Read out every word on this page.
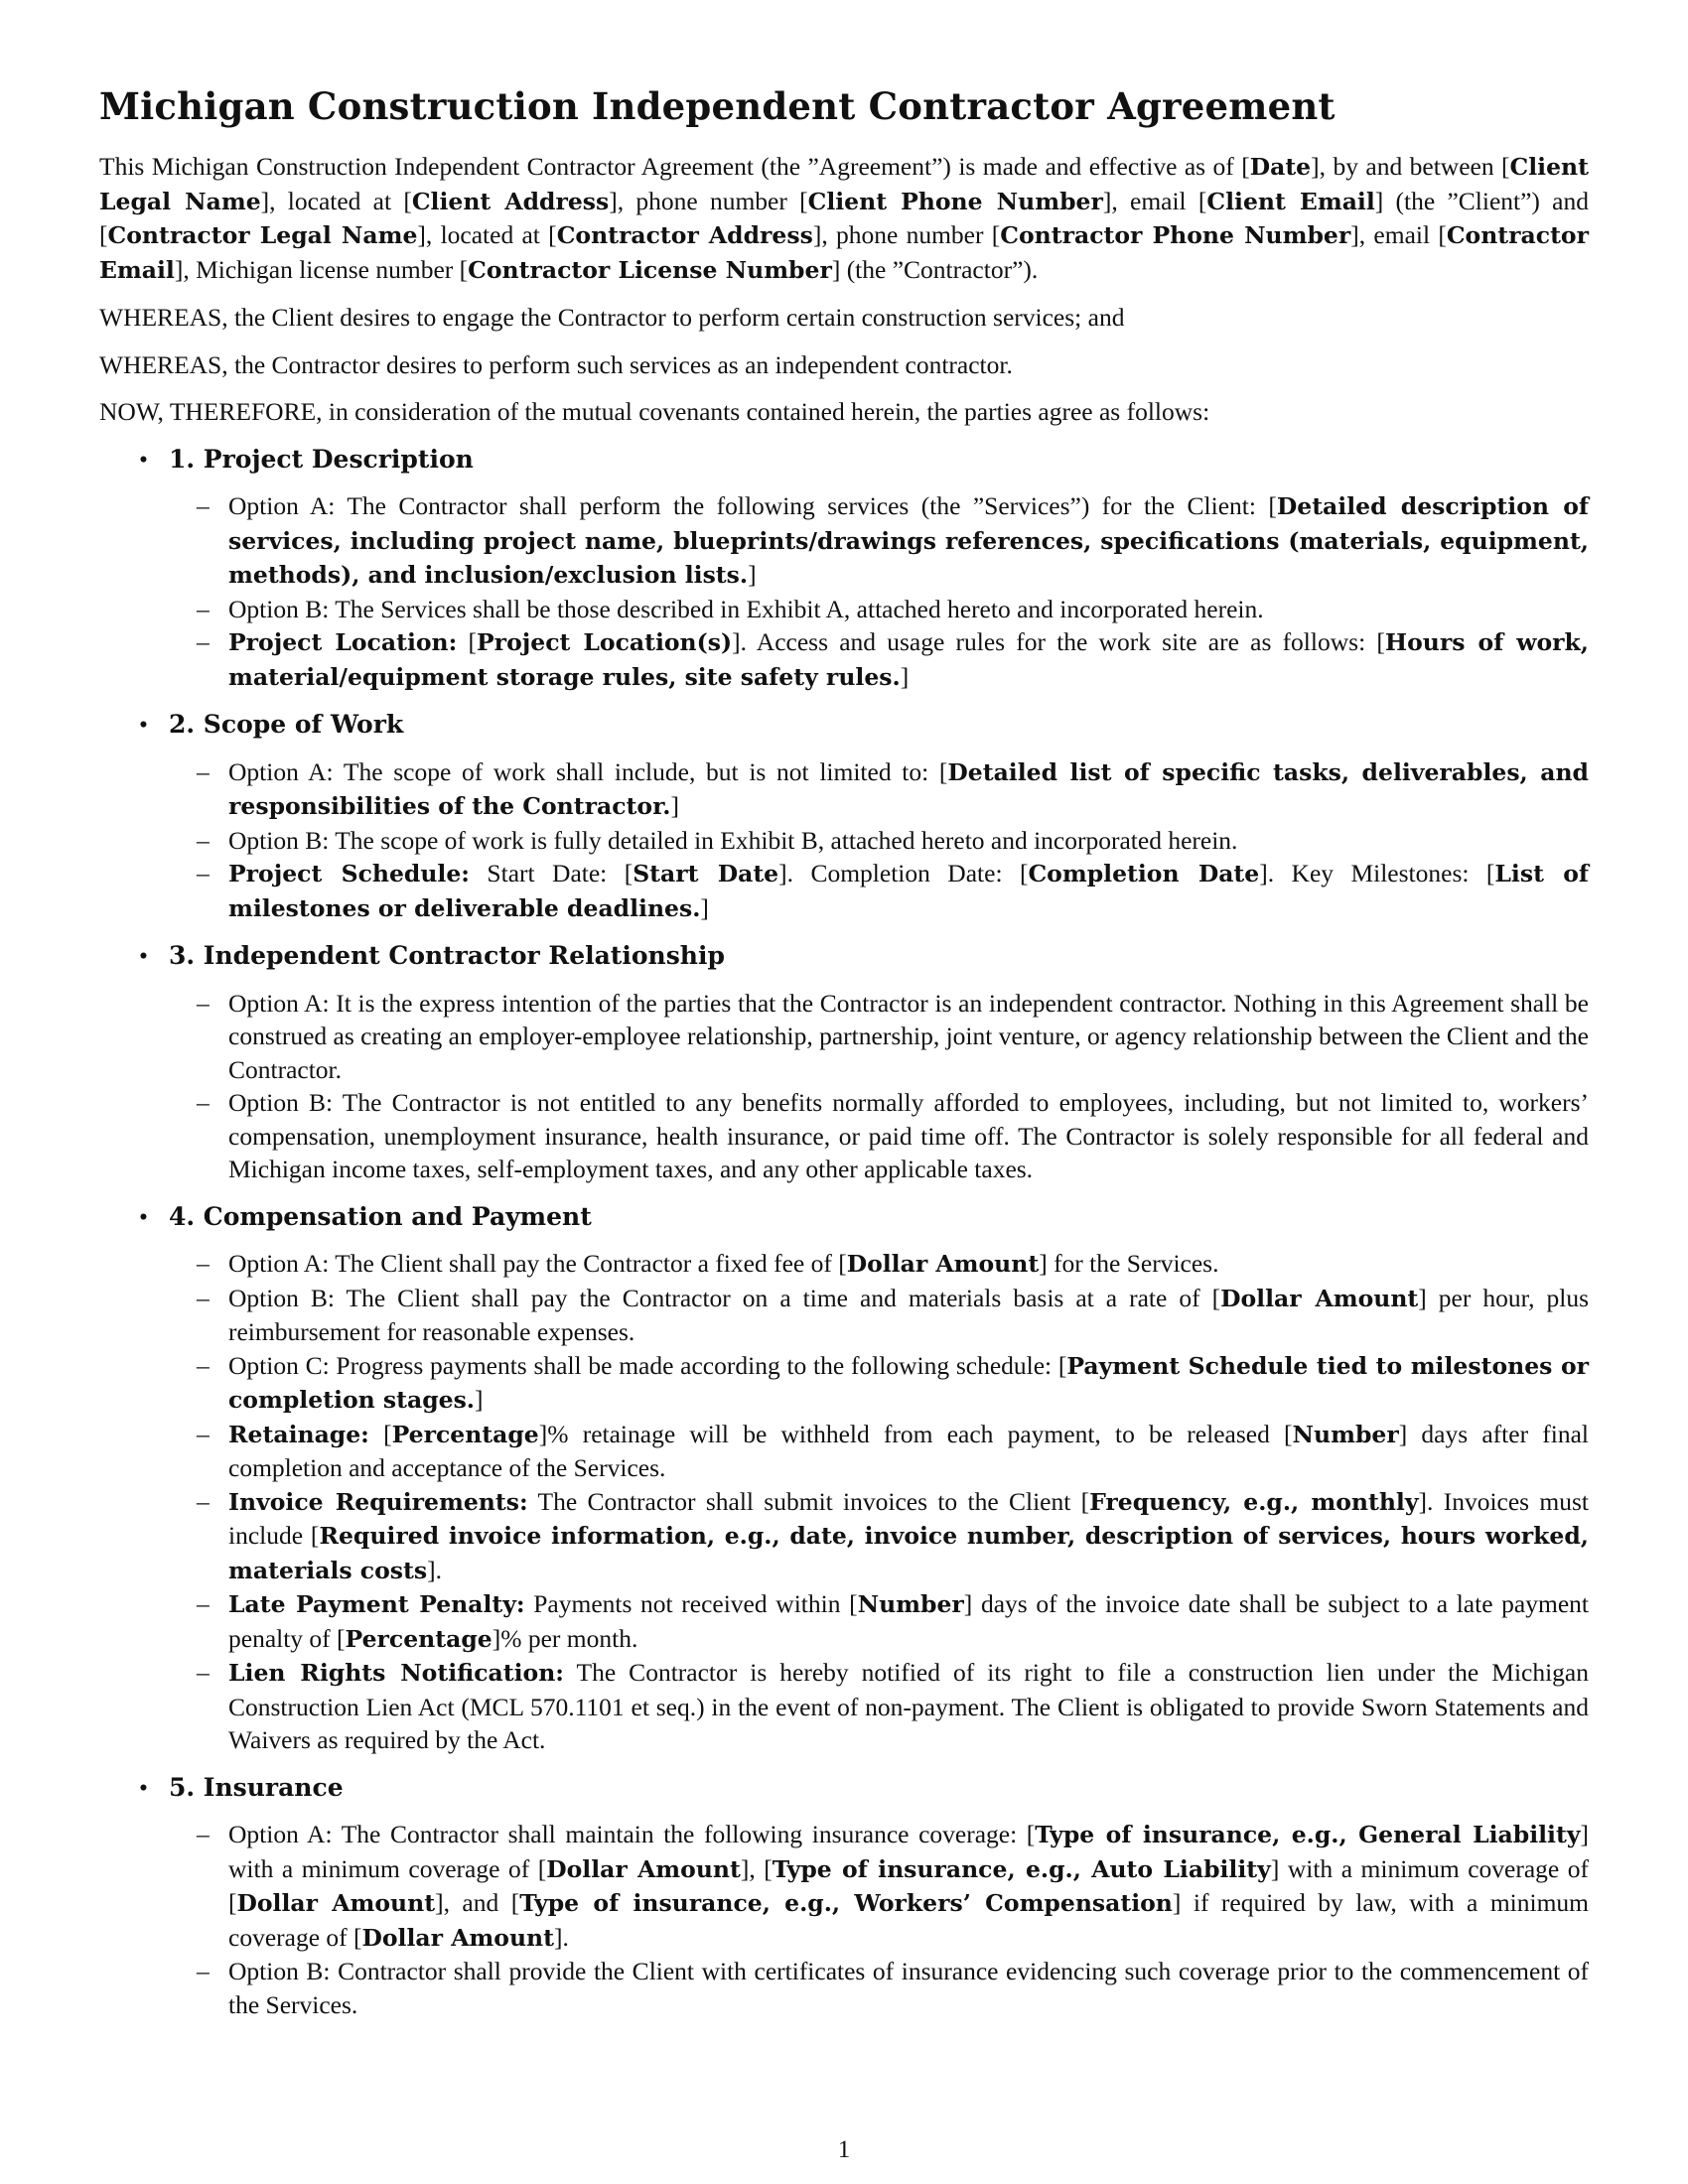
Michigan Construction Independent Contractor Agreement

This Michigan Construction Independent Contractor Agreement (the ”Agreement”) is made and effective as of [Date], by and between [Client Legal Name], located at [Client Address], phone number [Client Phone Number], email [Client Email] (the ”Client”) and [Contractor Legal Name], located at [Contractor Address], phone number [Contractor Phone Number], email [Contractor Email], Michigan license number [Contractor License Number] (the ”Contractor”).

WHEREAS, the Client desires to engage the Contractor to perform certain construction services; and

WHEREAS, the Contractor desires to perform such services as an independent contractor.

NOW, THEREFORE, in consideration of the mutual covenants contained herein, the parties agree as follows:

• 1. Project Description
– Option A: The Contractor shall perform the following services (the ”Services”) for the Client: [Detailed description of services, including project name, blueprints/drawings references, specifications (materials, equipment, methods), and inclusion/exclusion lists.]
– Option B: The Services shall be those described in Exhibit A, attached hereto and incorporated herein.
– Project Location: [Project Location(s)]. Access and usage rules for the work site are as follows: [Hours of work, material/equipment storage rules, site safety rules.]
• 2. Scope of Work
– Option A: The scope of work shall include, but is not limited to: [Detailed list of specific tasks, deliverables, and responsibilities of the Contractor.]
– Option B: The scope of work is fully detailed in Exhibit B, attached hereto and incorporated herein.
– Project Schedule: Start Date: [Start Date]. Completion Date: [Completion Date]. Key Milestones: [List of milestones or deliverable deadlines.]
• 3. Independent Contractor Relationship
– Option A: It is the express intention of the parties that the Contractor is an independent contractor. Nothing in this Agreement shall be construed as creating an employer-employee relationship, partnership, joint venture, or agency relationship between the Client and the Contractor.
– Option B: The Contractor is not entitled to any benefits normally afforded to employees, including, but not limited to, workers’ compensation, unemployment insurance, health insurance, or paid time off. The Contractor is solely responsible for all federal and Michigan income taxes, self-employment taxes, and any other applicable taxes.
• 4. Compensation and Payment
– Option A: The Client shall pay the Contractor a fixed fee of [Dollar Amount] for the Services.
– Option B: The Client shall pay the Contractor on a time and materials basis at a rate of [Dollar Amount] per hour, plus reimbursement for reasonable expenses.
– Option C: Progress payments shall be made according to the following schedule: [Payment Schedule tied to milestones or completion stages.]
– Retainage: [Percentage]% retainage will be withheld from each payment, to be released [Number] days after final completion and acceptance of the Services.
– Invoice Requirements: The Contractor shall submit invoices to the Client [Frequency, e.g., monthly]. Invoices must include [Required invoice information, e.g., date, invoice number, description of services, hours worked, materials costs].
– Late Payment Penalty: Payments not received within [Number] days of the invoice date shall be subject to a late payment penalty of [Percentage]% per month.
– Lien Rights Notification: The Contractor is hereby notified of its right to file a construction lien under the Michigan Construction Lien Act (MCL 570.1101 et seq.) in the event of non-payment. The Client is obligated to provide Sworn Statements and Waivers as required by the Act.
• 5. Insurance
– Option A: The Contractor shall maintain the following insurance coverage: [Type of insurance, e.g., General Liability] with a minimum coverage of [Dollar Amount], [Type of insurance, e.g., Auto Liability] with a minimum coverage of [Dollar Amount], and [Type of insurance, e.g., Workers’ Compensation] if required by law, with a minimum coverage of [Dollar Amount].
– Option B: Contractor shall provide the Client with certificates of insurance evidencing such coverage prior to the commencement of the Services.
1
